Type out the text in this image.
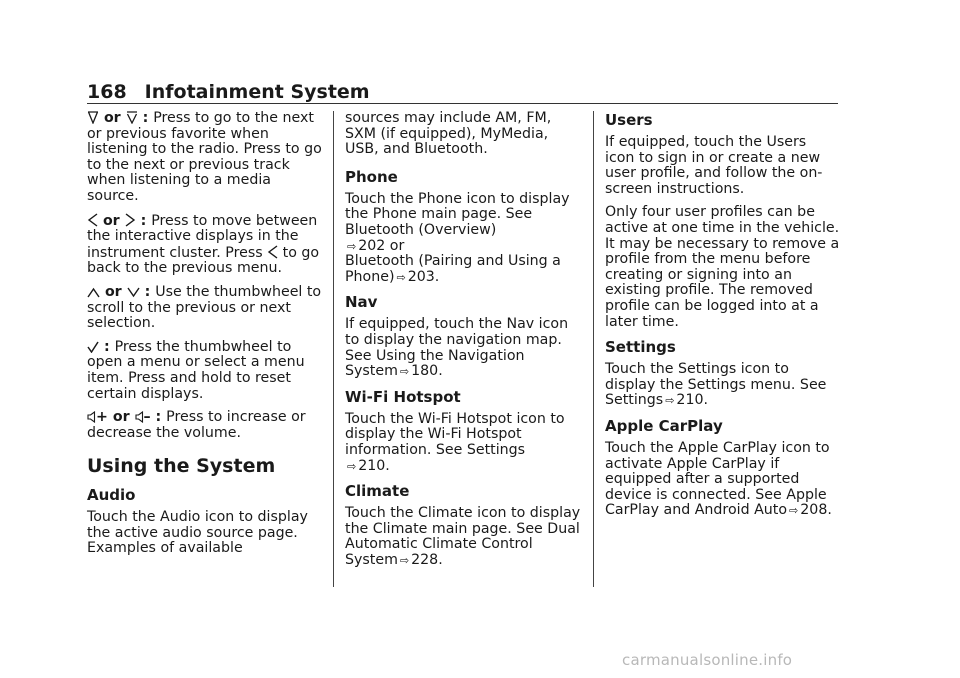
168 Infotainment System

or  : Press to go to the next or previous favorite when listening to the radio. Press to go to the next or previous track when listening to a media source.

or  : Press to move between the interactive displays in the instrument cluster. Press  to go back to the previous menu.

or  : Use the thumbwheel to scroll to the previous or next selection.

: Press the thumbwheel to open a menu or select a menu item. Press and hold to reset certain displays.

+ or – : Press to increase or decrease the volume.

Using the System
Audio

Touch the Audio icon to display the active audio source page. Examples of available

sources may include AM, FM, SXM (if equipped), MyMedia, USB, and Bluetooth.

Phone

Touch the Phone icon to display the Phone main page. See Bluetooth (Overview)
⇨ 202 or
Bluetooth (Pairing and Using a Phone) ⇨ 203.

Nav

If equipped, touch the Nav icon to display the navigation map. See Using the Navigation System ⇨ 180.

Wi-Fi Hotspot

Touch the Wi-Fi Hotspot icon to display the Wi-Fi Hotspot information. See Settings
⇨ 210.

Climate

Touch the Climate icon to display the Climate main page. See Dual Automatic Climate Control System ⇨ 228.

Users

If equipped, touch the Users icon to sign in or create a new user profile, and follow the on-screen instructions.

Only four user profiles can be active at one time in the vehicle. It may be necessary to remove a profile from the menu before creating or signing into an existing profile. The removed profile can be logged into at a later time.

Settings

Touch the Settings icon to display the Settings menu. See Settings ⇨ 210.

Apple CarPlay

Touch the Apple CarPlay icon to activate Apple CarPlay if equipped after a supported device is connected. See Apple CarPlay and Android Auto ⇨ 208.

carmanualsonline.info
